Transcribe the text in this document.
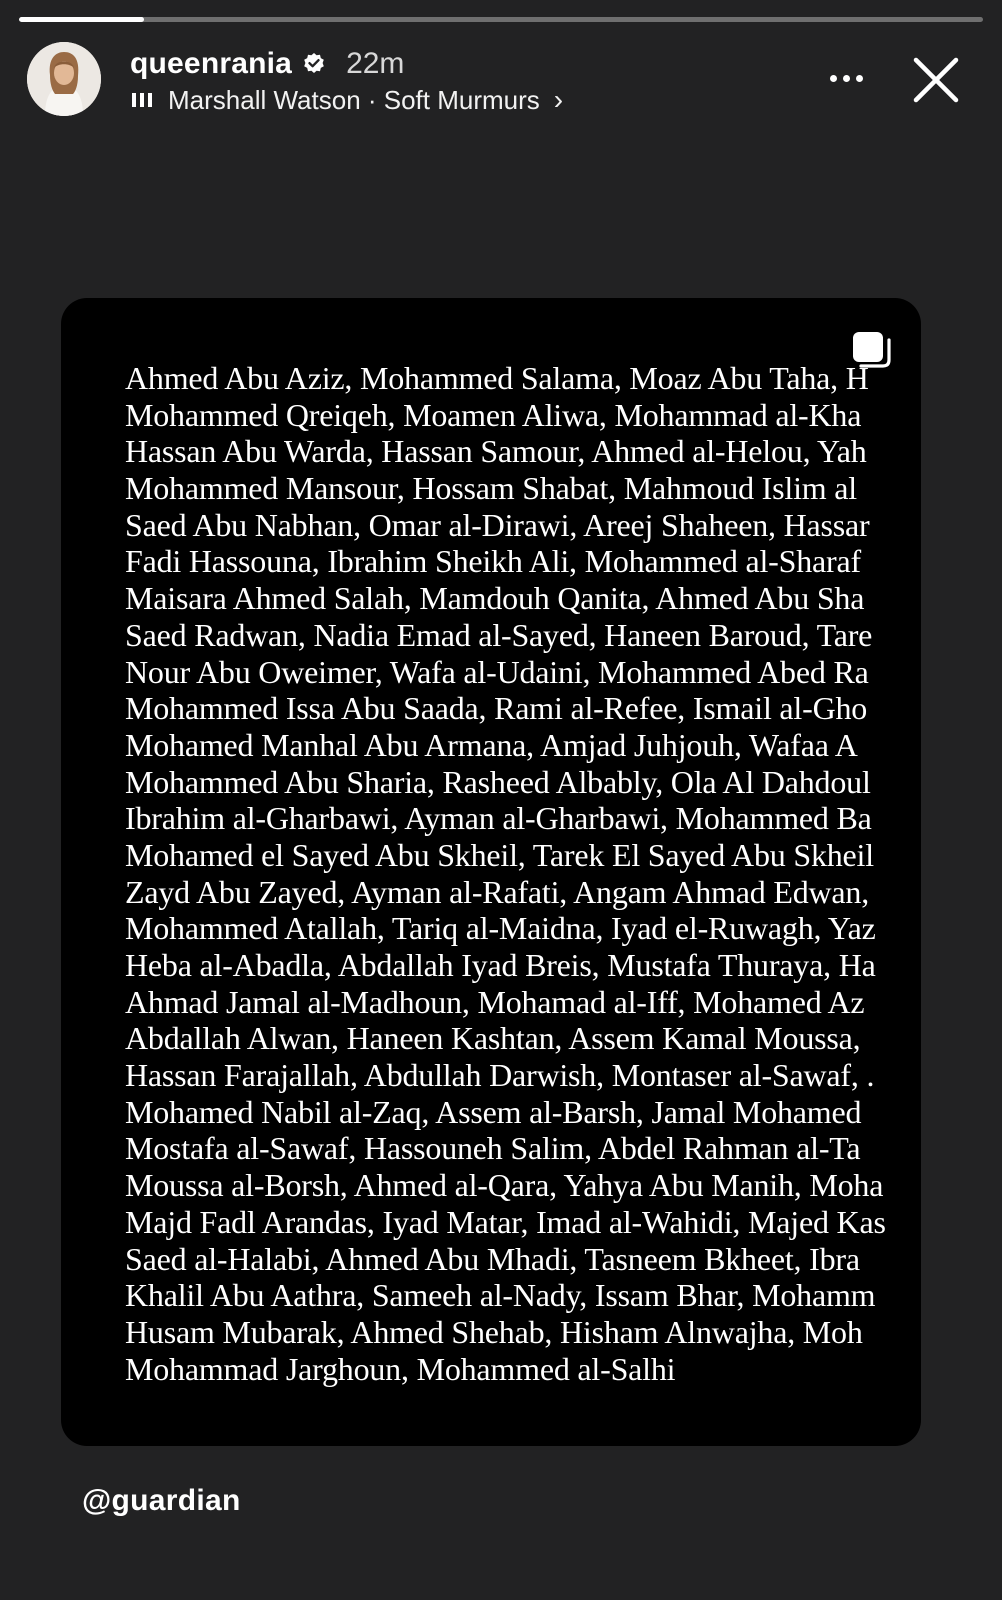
queenrania 22m
Marshall Watson · Soft Murmurs ›
Ahmed Abu Aziz, Mohammed Salama, Moaz Abu Taha, H
Mohammed Qreiqeh, Moamen Aliwa, Mohammad al-Kha
Hassan Abu Warda, Hassan Samour, Ahmed al-Helou, Yah
Mohammed Mansour, Hossam Shabat, Mahmoud Islim al
Saed Abu Nabhan, Omar al-Dirawi, Areej Shaheen, Hassar
Fadi Hassouna, Ibrahim Sheikh Ali, Mohammed al-Sharaf
Maisara Ahmed Salah, Mamdouh Qanita, Ahmed Abu Sha
Saed Radwan, Nadia Emad al-Sayed, Haneen Baroud, Tare
Nour Abu Oweimer, Wafa al-Udaini, Mohammed Abed Ra
Mohammed Issa Abu Saada, Rami al-Refee, Ismail al-Gho
Mohamed Manhal Abu Armana, Amjad Juhjouh, Wafaa A
Mohammed Abu Sharia, Rasheed Albably, Ola Al Dahdoul
Ibrahim al-Gharbawi, Ayman al-Gharbawi, Mohammed Ba
Mohamed el Sayed Abu Skheil, Tarek El Sayed Abu Skheil
Zayd Abu Zayed, Ayman al-Rafati, Angam Ahmad Edwan,
Mohammed Atallah, Tariq al-Maidna, Iyad el-Ruwagh, Yaz
Heba al-Abadla, Abdallah Iyad Breis, Mustafa Thuraya, Ha
Ahmad Jamal al-Madhoun, Mohamad al-Iff, Mohamed Az
Abdallah Alwan, Haneen Kashtan, Assem Kamal Moussa,
Hassan Farajallah, Abdullah Darwish, Montaser al-Sawaf, .
Mohamed Nabil al-Zaq, Assem al-Barsh, Jamal Mohamed
Mostafa al-Sawaf, Hassouneh Salim, Abdel Rahman al-Ta
Moussa al-Borsh, Ahmed al-Qara, Yahya Abu Manih, Moha
Majd Fadl Arandas, Iyad Matar, Imad al-Wahidi, Majed Kas
Saed al-Halabi, Ahmed Abu Mhadi, Tasneem Bkheet, Ibra
Khalil Abu Aathra, Sameeh al-Nady, Issam Bhar, Mohamm
Husam Mubarak, Ahmed Shehab, Hisham Alnwajha, Moh
Mohammad Jarghoun, Mohammed al-Salhi
@guardian
